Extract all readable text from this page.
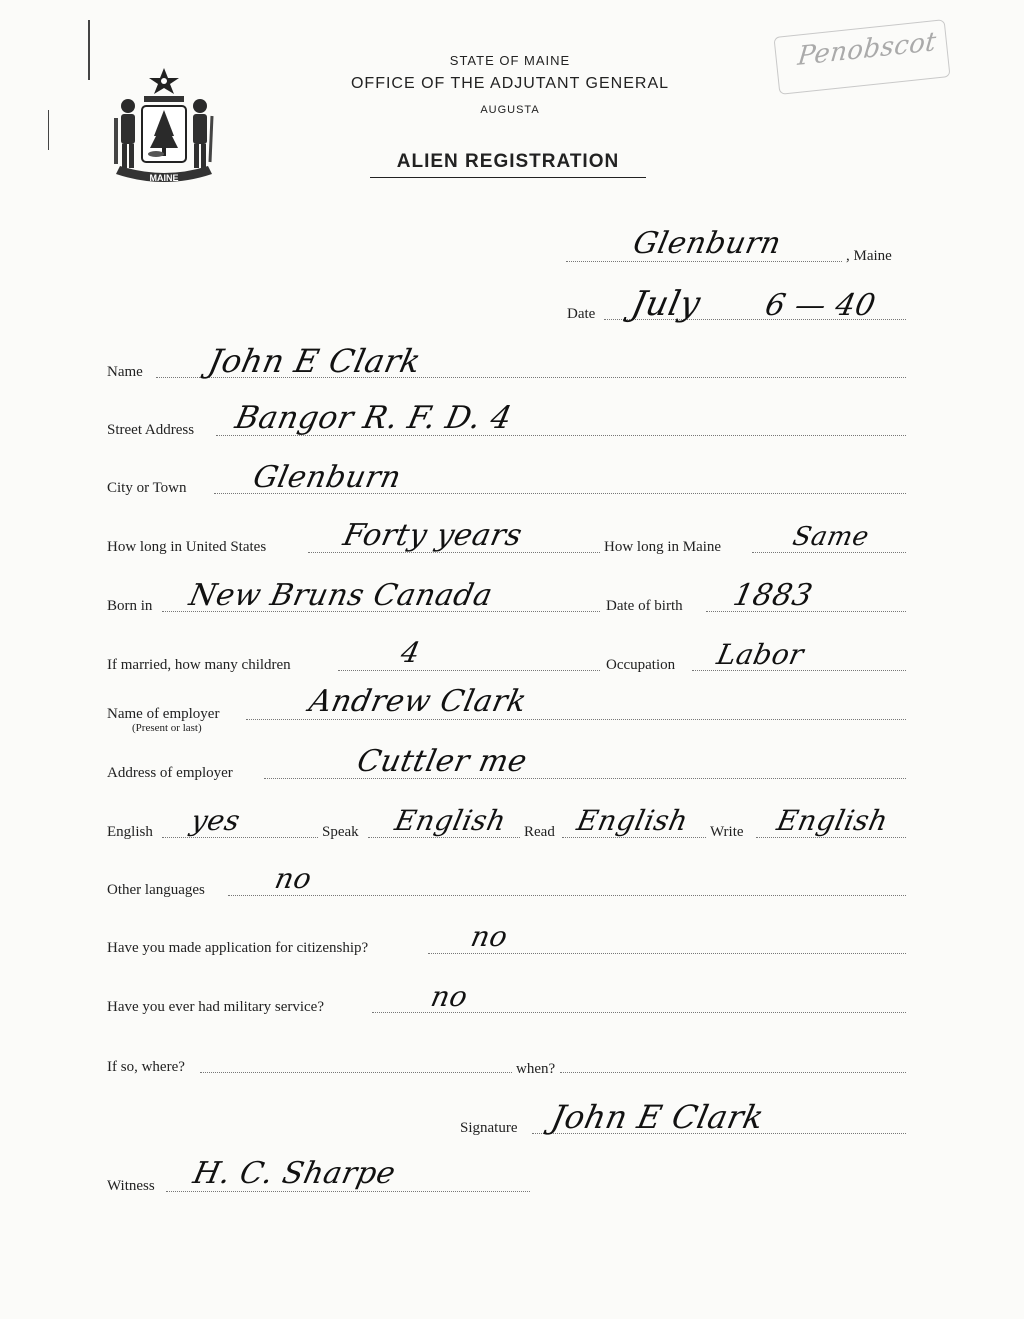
MAINE
STATE OF MAINE
OFFICE OF THE ADJUTANT GENERAL
AUGUSTA
ALIEN REGISTRATION
Penobscot
Glenburn	, Maine
Date July 6 — 40
Name John E Clark
Street Address Bangor R. F. D. 4
City or Town Glenburn
How long in United States Forty years	How long in Maine	Same
Born in New Bruns Canada	Date of birth 1883
If married, how many children	4	Occupation Labor
Name of employer
(Present or last)
Andrew Clark
Address of employer	Cuttler me
English yes	Speak English Read English Write English
Other languages no
Have you made application for citizenship?	no
Have you ever had military service?	no
If so, where?	when?
Signature John E Clark
Witness H. C. Sharpe
